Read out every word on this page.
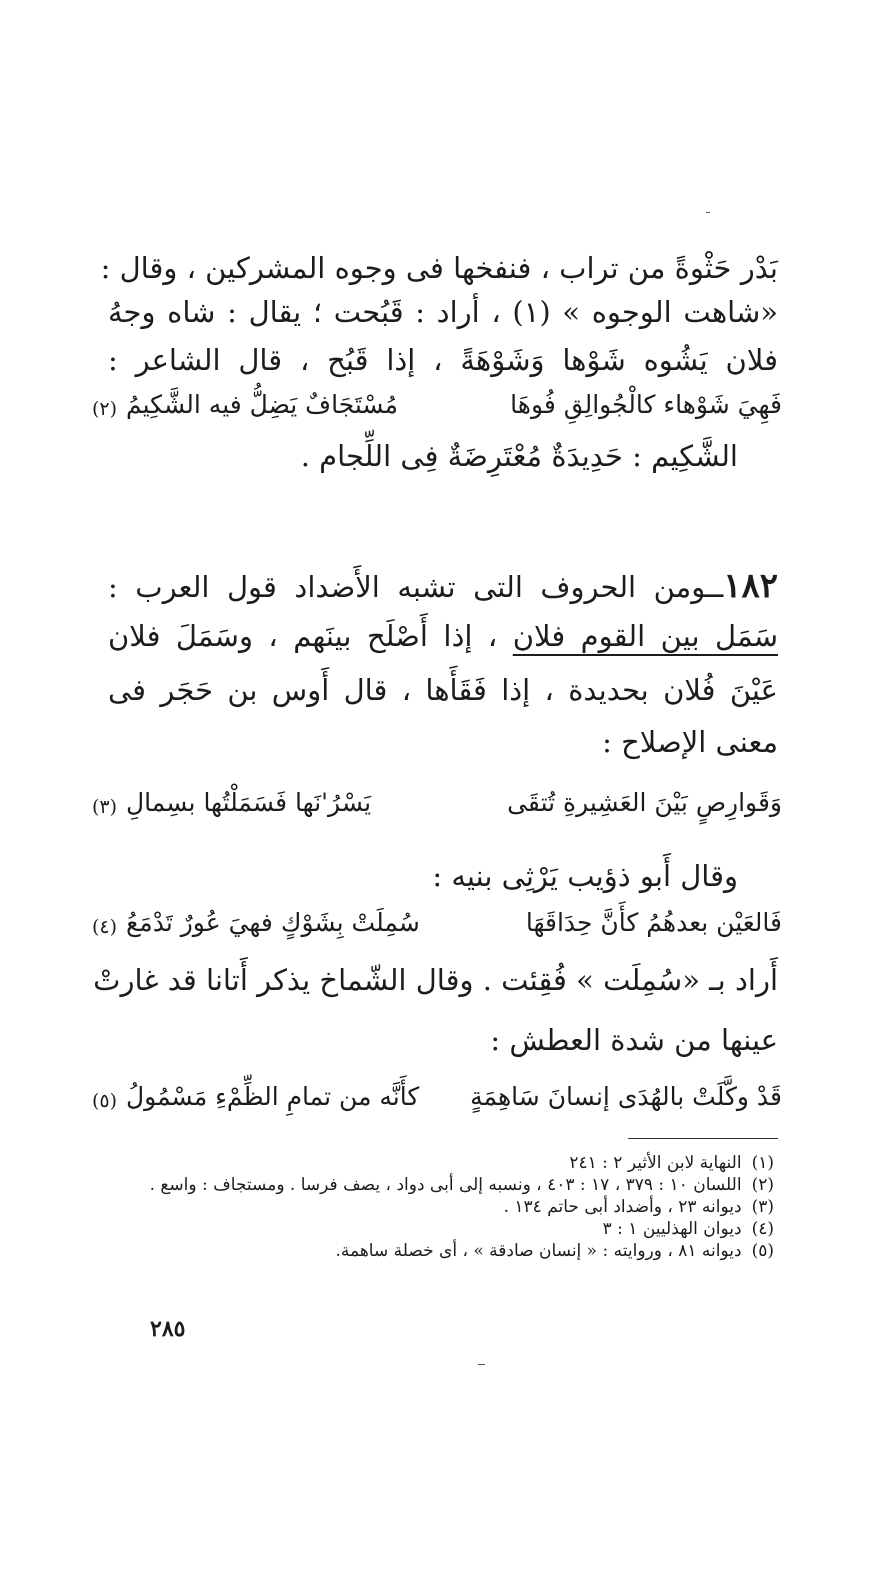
بَدْر حَثْوةً من تراب ، فنفخها فى وجوه المشركين ، وقال :
«شاهت الوجوه » (١) ، أراد : قَبُحت ؛ يقال : شاه وجهُ
فلان يَشُوه شَوْها وَشَوْهَةً ، إذا قَبُح ، قال الشاعر :
فَهِيَ شَوْهاء كالْجُوالِقِ فُوهَا
مُسْتَجَافٌ يَضِلُّ فيه الشَّكِيمُ
(٢)
الشَّكِيم : حَدِيدَةٌ مُعْتَرِضَةٌ فِى اللِّجام .
١٨٢ــومن الحروف التى تشبه الأَضداد قول العرب :
سَمَل بين القوم فلان ، إذا أَصْلَح بينَهم ، وسَمَلَ فلان
عَيْنَ فُلان بحديدة ، إذا فَقَأَها ، قال أَوس بن حَجَر فى
معنى الإصلاح :
وَقَوارِصٍ بَيْنَ العَشِيرةِ تُتقَى
يَسْرُ'نَها فَسَمَلْتُها بسِمالِ
(٣)
وقال أَبو ذؤيب يَرْثِى بنيه :
فَالعَيْن بعدهُمُ كأَنَّ حِدَاقَهَا
سُمِلَتْ بِشَوْكٍ فهيَ عُورٌ تَدْمَعُ
(٤)
أَراد بـ «سُمِلَت » فُقِئت . وقال الشّماخ يذكر أَتانا قد غارتْ
عينها من شدة العطش :
قَدْ وكَّلَتْ بالهُدَى إنسانَ سَاهِمَةٍ
كأَنَّه من تمامِ الظِّمْءِ مَسْمُولُ
(٥)
(١)النهاية لابن الأثير ٢ : ٢٤١
(٢)اللسان ١٠ : ٣٧٩ ، ١٧ : ٤٠٣ ، ونسبه إلى أبى دواد ، يصف فرسا . ومستجاف : واسع .
(٣)ديوانه ٢٣ ، وأضداد أبى حاتم ١٣٤ .
(٤)ديوان الهذليين ١ : ٣
(٥)ديوانه ٨١ ، وروايته : « إنسان صادقة » ، أى خصلة ساهمة.
٢٨٥
